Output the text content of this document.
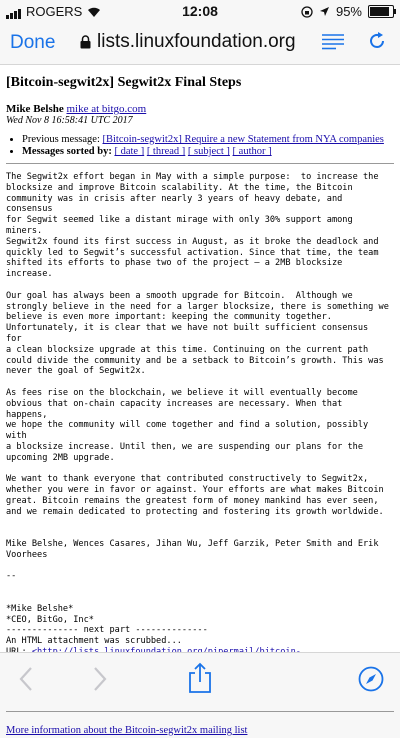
ROGERS	12:08	95%
Done lists.linuxfoundation.org
[Bitcoin-segwit2x] Segwit2x Final Steps

Mike Belshe mike at bitgo.com

Wed Nov 8 16:58:41 UTC 2017

• Previous message: [Bitcoin-segwit2x] Require a new Statement from NYA companies
• Messages sorted by: [ date ] [ thread ] [ subject ] [ author ]
The Segwit2x effort began in May with a simple purpose:  to increase the
blocksize and improve Bitcoin scalability. At the time, the Bitcoin
community was in crisis after nearly 3 years of heavy debate, and
consensus
for Segwit seemed like a distant mirage with only 30% support among
miners.
Segwit2x found its first success in August, as it broke the deadlock and
quickly led to Segwit’s successful activation. Since that time, the team
shifted its efforts to phase two of the project – a 2MB blocksize
increase.

Our goal has always been a smooth upgrade for Bitcoin.  Although we
strongly believe in the need for a larger blocksize, there is something we
believe is even more important: keeping the community together.
Unfortunately, it is clear that we have not built sufficient consensus
for
a clean blocksize upgrade at this time. Continuing on the current path
could divide the community and be a setback to Bitcoin’s growth. This was
never the goal of Segwit2x.

As fees rise on the blockchain, we believe it will eventually become
obvious that on-chain capacity increases are necessary. When that
happens,
we hope the community will come together and find a solution, possibly
with
a blocksize increase. Until then, we are suspending our plans for the
upcoming 2MB upgrade.

We want to thank everyone that contributed constructively to Segwit2x,
whether you were in favor or against. Your efforts are what makes Bitcoin
great. Bitcoin remains the greatest form of money mankind has ever seen,
and we remain dedicated to protecting and fostering its growth worldwide.

Mike Belshe, Wences Casares, Jihan Wu, Jeff Garzik, Peter Smith and Erik
Voorhees

--

*Mike Belshe*
*CEO, BitGo, Inc*
-------------- next part --------------
An HTML attachment was scrubbed...

•
•
More information about the Bitcoin-segwit2x mailing list
